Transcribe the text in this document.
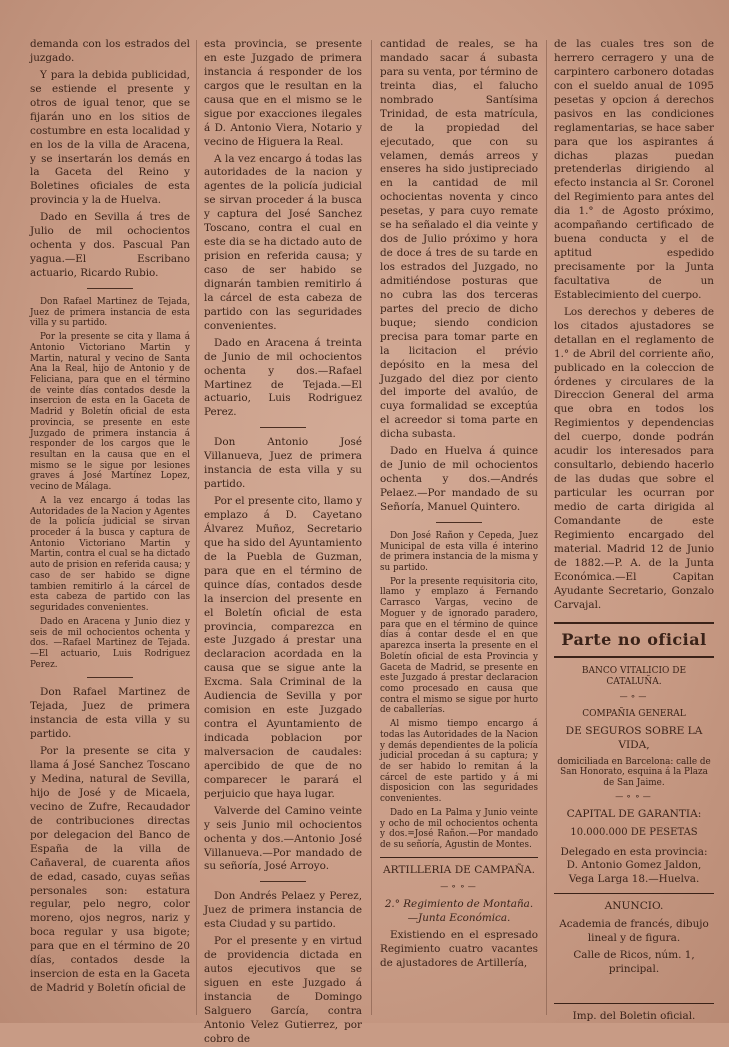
demanda con los estrados del juzgado.

Y para la debida publicidad, se estiende el presente y otros de igual tenor, que se fijarán uno en los sitios de costumbre en esta localidad y en los de la villa de Aracena, y se insertarán los demás en la Gaceta del Reino y Boletines oficiales de esta provincia y la de Huelva.

Dado en Sevilla á tres de Julio de mil ochocientos ochenta y dos. Pascual Pan yagua.—El Escribano actuario, Ricardo Rubio.

Don Rafael Martinez de Tejada, Juez de primera instancia de esta villa y su partido.

Por la presente se cita y llama á Antonio Victoriano Martin y Martin, natural y vecino de Santa Ana la Real, hijo de Antonio y de Feliciana, para que en el término de veinte días contados desde la insercion de esta en la Gaceta de Madrid y Boletín oficial de esta provincia, se presente en este Juzgado de primera instancia á responder de los cargos que le resultan en la causa que en el mismo se le sigue por lesiones graves á José Martínez Lopez, vecino de Málaga.

A la vez encargo á todas las Autoridades de la Nacion y Agentes de la policía judicial se sirvan proceder á la busca y captura de Antonio Victoriano Martin y Martin, contra el cual se ha dictado auto de prision en referida causa; y caso de ser habido se digne tambien remitirlo á la cárcel de esta cabeza de partido con las seguridades convenientes.

Dado en Aracena y Junio diez y seis de mil ochocientos ochenta y dos. —Rafael Martinez de Tejada. —El actuario, Luis Rodriguez Perez.

Don Rafael Martinez de Tejada, Juez de primera instancia de esta villa y su partido.

Por la presente se cita y llama á José Sanchez Toscano y Medina, natural de Sevilla, hijo de José y de Micaela, vecino de Zufre, Recaudador de contribuciones directas por delegacion del Banco de España de la villa de Cañaveral, de cuarenta años de edad, casado, cuyas señas personales son: estatura regular, pelo negro, color moreno, ojos negros, nariz y boca regular y usa bigote; para que en el término de 20 días, contados desde la insercion de esta en la Gaceta de Madrid y Boletín oficial de

esta provincia, se presente en este Juzgado de primera instancia á responder de los cargos que le resultan en la causa que en el mismo se le sigue por exacciones ilegales á D. Antonio Viera, Notario y vecino de Higuera la Real.

A la vez encargo á todas las autoridades de la nacion y agentes de la policía judicial se sirvan proceder á la busca y captura del José Sanchez Toscano, contra el cual en este dia se ha dictado auto de prision en referida causa; y caso de ser habido se dignarán tambien remitirlo á la cárcel de esta cabeza de partido con las seguridades convenientes.

Dado en Aracena á treinta de Junio de mil ochocientos ochenta y dos.—Rafael Martinez de Tejada.—El actuario, Luis Rodriguez Perez.

Don Antonio José Villanueva, Juez de primera instancia de esta villa y su partido.

Por el presente cito, llamo y emplazo á D. Cayetano Álvarez Muñoz, Secretario que ha sido del Ayuntamiento de la Puebla de Guzman, para que en el término de quince días, contados desde la insercion del presente en el Boletín oficial de esta provincia, comparezca en este Juzgado á prestar una declaracion acordada en la causa que se sigue ante la Excma. Sala Criminal de la Audiencia de Sevilla y por comision en este Juzgado contra el Ayuntamiento de indicada poblacion por malversacion de caudales: apercibido de que de no comparecer le parará el perjuicio que haya lugar.

Valverde del Camino veinte y seis Junio mil ochocientos ochenta y dos.—Antonio José Villanueva.—Por mandado de su señoría, José Arroyo.

Don Andrés Pelaez y Perez, Juez de primera instancia de esta Ciudad y su partido.

Por el presente y en virtud de providencia dictada en autos ejecutivos que se siguen en este Juzgado á instancia de Domingo Salguero García, contra Antonio Velez Gutierrez, por cobro de

cantidad de reales, se ha mandado sacar á subasta para su venta, por término de treinta dias, el falucho nombrado Santísima Trinidad, de esta matrícula, de la propiedad del ejecutado, que con su velamen, demás arreos y enseres ha sido justipreciado en la cantidad de mil ochocientas noventa y cinco pesetas, y para cuyo remate se ha señalado el dia veinte y dos de Julio próximo y hora de doce á tres de su tarde en los estrados del Juzgado, no admitiéndose posturas que no cubra las dos terceras partes del precio de dicho buque; siendo condicion precisa para tomar parte en la licitacion el prévio depósito en la mesa del Juzgado del diez por ciento del importe del avalúo, de cuya formalidad se exceptúa el acreedor si toma parte en dicha subasta.

Dado en Huelva á quince de Junio de mil ochocientos ochenta y dos.—Andrés Pelaez.—Por mandado de su Señoría, Manuel Quintero.

Don José Rañon y Cepeda, Juez Municipal de esta villa é interino de primera instancia de la misma y su partido.

Por la presente requisitoria cito, llamo y emplazo á Fernando Carrasco Vargas, vecino de Moguer y de ignorado paradero, para que en el término de quince días á contar desde el en que aparezca inserta la presente en el Boletín oficial de esta Provincia y Gaceta de Madrid, se presente en este Juzgado á prestar declaracion como procesado en causa que contra el mismo se sigue por hurto de caballerías.

Al mismo tiempo encargo á todas las Autoridades de la Nacion y demás dependientes de la policía judicial procedan á su captura; y de ser habido lo remitan á la cárcel de este partido y á mi disposicion con las seguridades convenientes.

Dado en La Palma y Junio veinte y ocho de mil ochocientos ochenta y dos.=José Rañon.—Por mandado de su señoría, Agustin de Montes.

ARTILLERIA DE CAMPAÑA.
—⚬⚬—

2.° Regimiento de Montaña.—Junta Económica.

Existiendo en el espresado Regimiento cuatro vacantes de ajustadores de Artillería,

de las cuales tres son de herrero cerragero y una de carpintero carbonero dotadas con el sueldo anual de 1095 pesetas y opcion á derechos pasivos en las condiciones reglamentarias, se hace saber para que los aspirantes á dichas plazas puedan pretenderlas dirigiendo al efecto instancia al Sr. Coronel del Regimiento para antes del dia 1.° de Agosto próximo, acompañando certificado de buena conducta y el de aptitud espedido precisamente por la Junta facultativa de un Establecimiento del cuerpo.

Los derechos y deberes de los citados ajustadores se detallan en el reglamento de 1.° de Abril del corriente año, publicado en la coleccion de órdenes y circulares de la Direccion General del arma que obra en todos los Regimientos y dependencias del cuerpo, donde podrán acudir los interesados para consultarlo, debiendo hacerlo de las dudas que sobre el particular les ocurran por medio de carta dirigida al Comandante de este Regimiento encargado del material. Madrid 12 de Junio de 1882.—P. A. de la Junta Económica.—El Capitan Ayudante Secretario, Gonzalo Carvajal.

Parte no oficial
BANCO VITALICIO DE CATALUÑA.
—⚬—
COMPAÑIA GENERAL
DE SEGUROS SOBRE LA VIDA,

domiciliada en Barcelona: calle de San Honorato, esquina á la Plaza de San Jaime.

—⚬⚬—
CAPITAL DE GARANTIA:
10.000.000 DE PESETAS

Delegado en esta provincia: D. Antonio Gomez Jaldon, Vega Larga 18.—Huelva.

ANUNCIO.

Academia de francés, dibujo lineal y de figura.

Calle de Ricos, núm. 1, principal.

Imp. del Boletin oficial.
